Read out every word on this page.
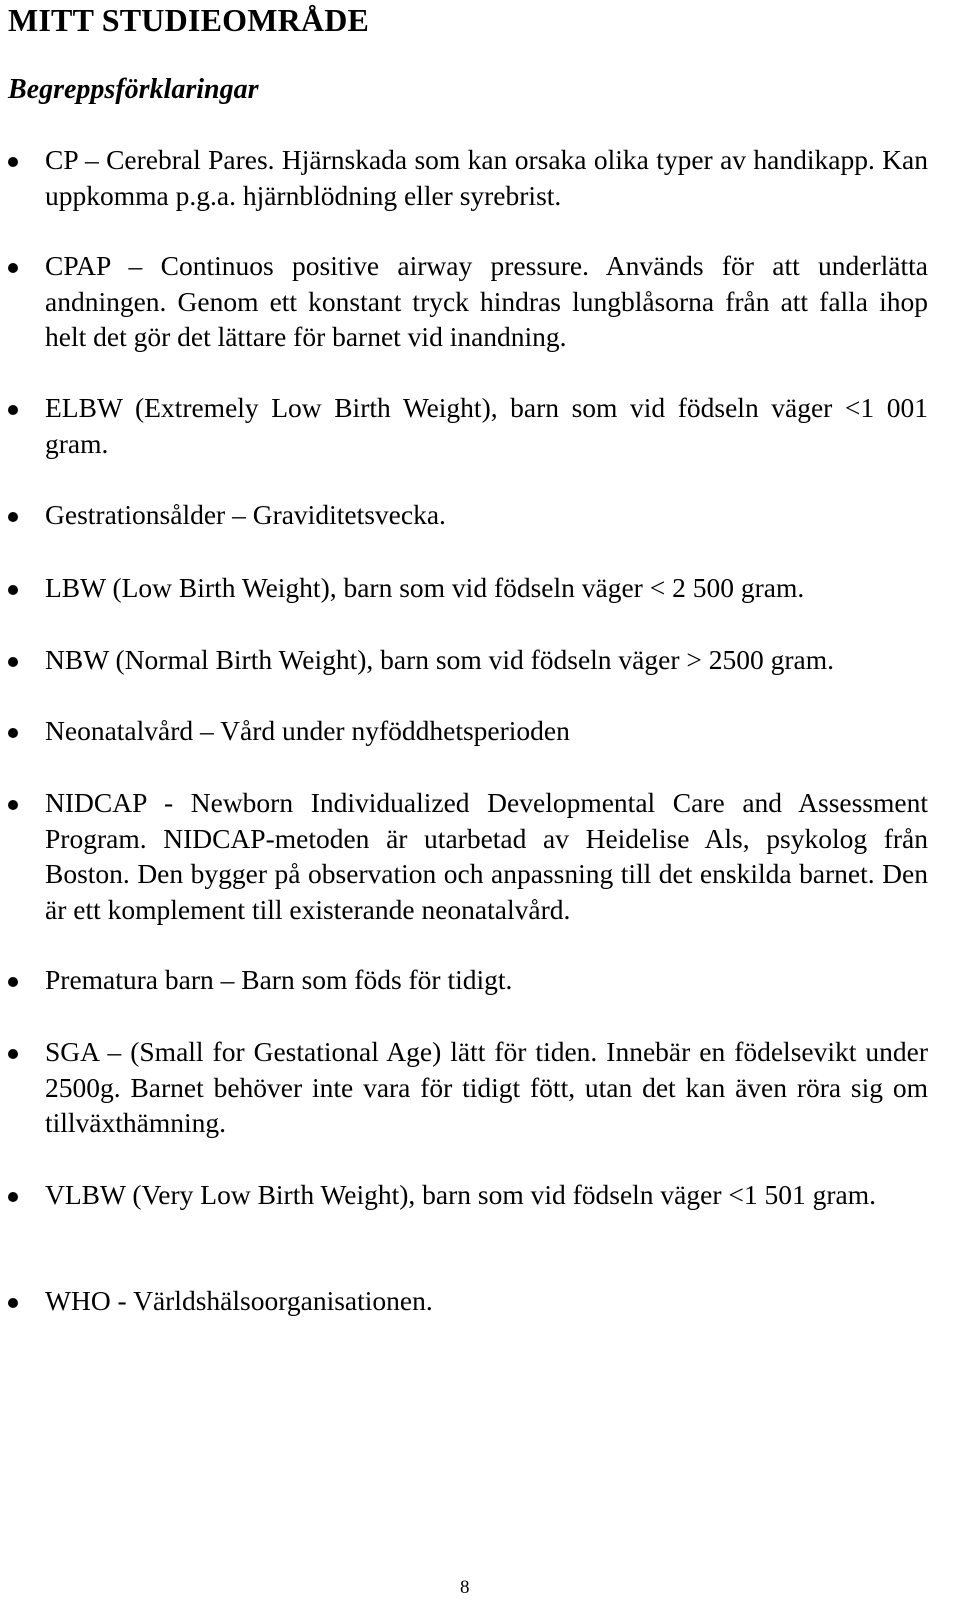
MITT STUDIEOMRÅDE
Begreppsförklaringar

CP – Cerebral Pares. Hjärnskada som kan orsaka olika typer av handikapp. Kan uppkomma p.g.a. hjärnblödning eller syrebrist.

CPAP – Continuos positive airway pressure. Används för att underlätta andningen. Genom ett konstant tryck hindras lungblåsorna från att falla ihop helt det gör det lättare för barnet vid inandning.

ELBW (Extremely Low Birth Weight), barn som vid födseln väger <1 001 gram.

Gestrationsålder – Graviditetsvecka.

LBW (Low Birth Weight), barn som vid födseln väger < 2 500 gram.

NBW (Normal Birth Weight), barn som vid födseln väger > 2500 gram.

Neonatalvård – Vård under nyföddhetsperioden

NIDCAP - Newborn Individualized Developmental Care and Assessment Program. NIDCAP-metoden är utarbetad av Heidelise Als, psykolog från Boston. Den bygger på observation och anpassning till det enskilda barnet. Den är ett komplement till existerande neonatalvård.

Prematura barn – Barn som föds för tidigt.

SGA – (Small for Gestational Age) lätt för tiden. Innebär en födelsevikt under 2500g. Barnet behöver inte vara för tidigt fött, utan det kan även röra sig om tillväxthämning.

VLBW (Very Low Birth Weight), barn som vid födseln väger <1 501 gram.

WHO - Världshälsoorganisationen.

8
